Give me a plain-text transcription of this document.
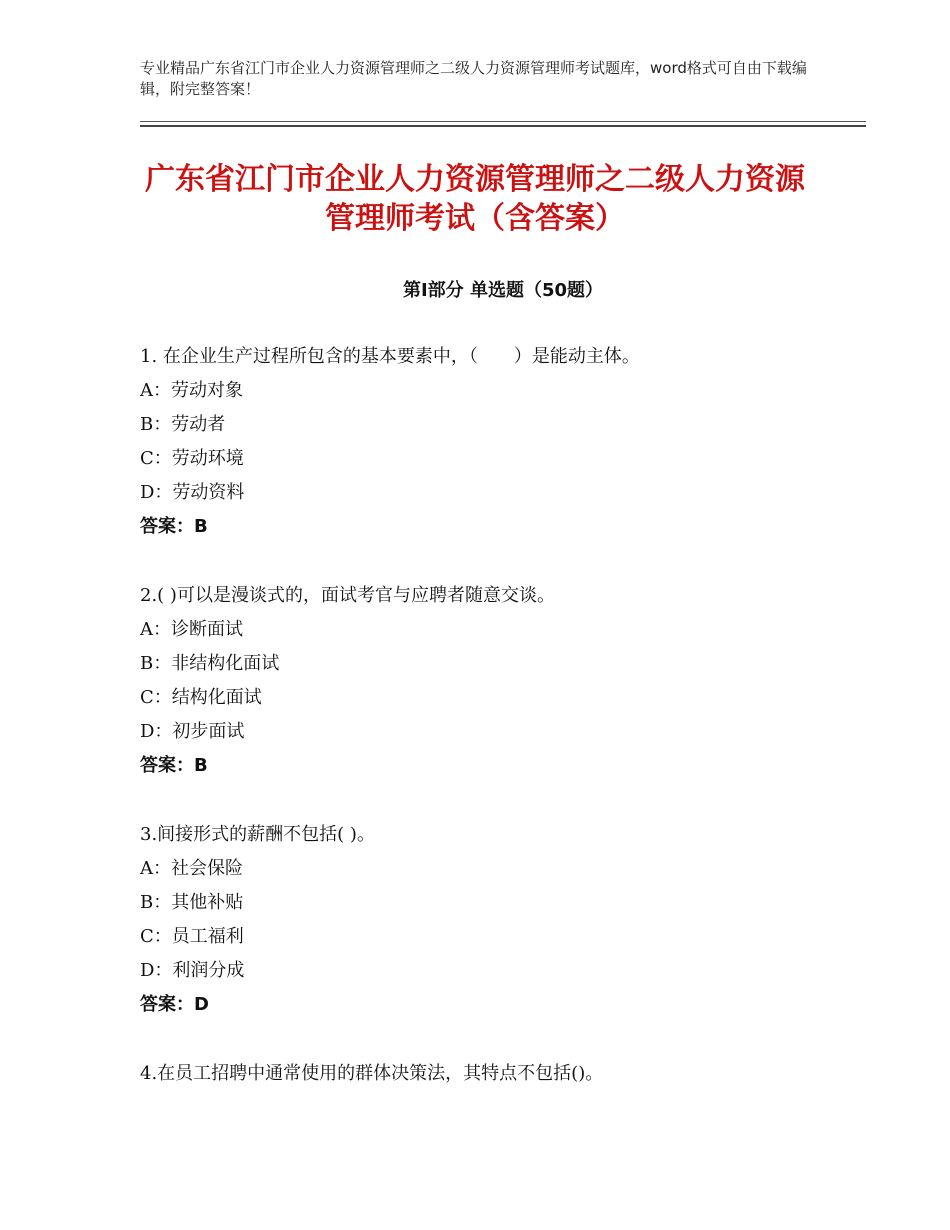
专业精品广东省江门市企业人力资源管理师之二级人力资源管理师考试题库，word格式可自由下载编辑，附完整答案！
广东省江门市企业人力资源管理师之二级人力资源管理师考试（含答案）
第Ⅰ部分 单选题（50题）
1. 在企业生产过程所包含的基本要素中，（　　）是能动主体。
A：劳动对象
B：劳动者
C：劳动环境
D：劳动资料
答案：B
2.( )可以是漫谈式的，面试考官与应聘者随意交谈。
A：诊断面试
B：非结构化面试
C：结构化面试
D：初步面试
答案：B
3.间接形式的薪酬不包括( )。
A：社会保险
B：其他补贴
C：员工福利
D：利润分成
答案：D
4.在员工招聘中通常使用的群体决策法，其特点不包括()。
